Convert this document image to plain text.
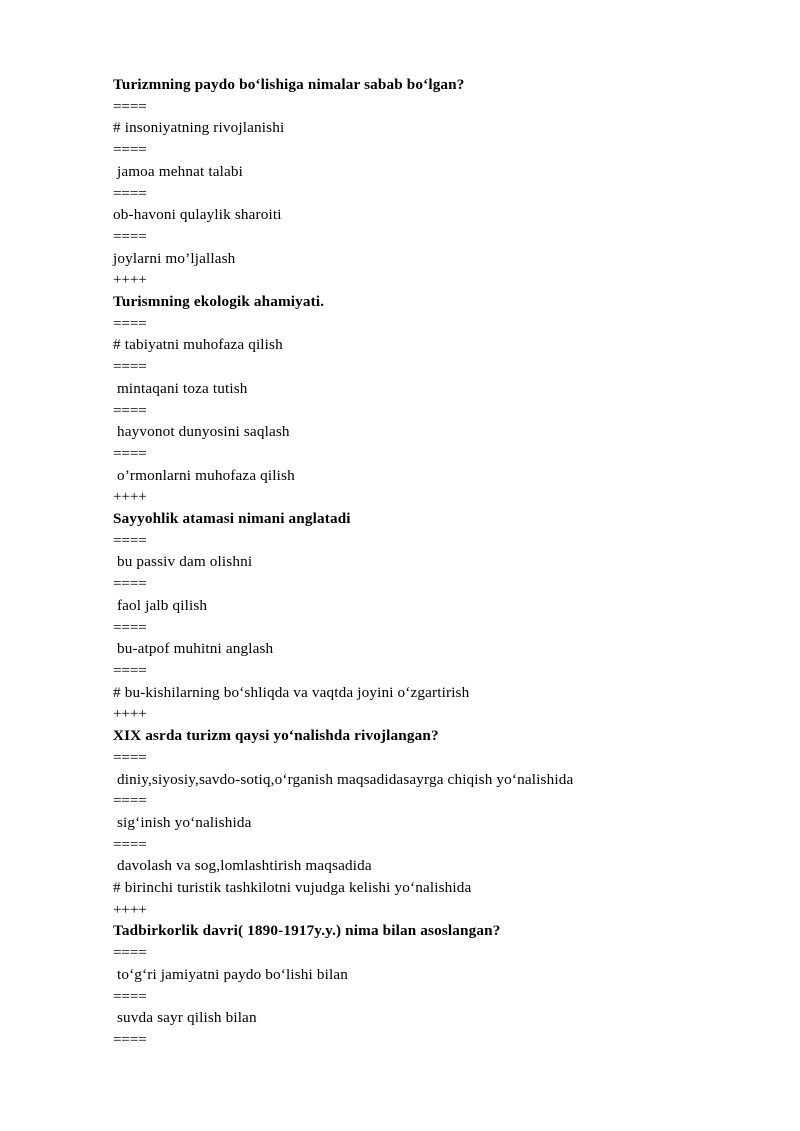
Turizmning paydo boʻlishiga nimalar sabab boʻlgan?
====
# insoniyatning rivojlanishi
====
jamoa mehnat talabi
====
ob-havoni qulaylik sharoiti
====
joylarni mo’ljallash
++++
Turismning ekologik ahamiyati.
====
# tabiyatni muhofaza qilish
====
mintaqani toza tutish
====
hayvonot dunyosini saqlash
====
o’rmonlarni muhofaza qilish
++++
Sayyohlik atamasi nimani anglatadi
====
bu passiv dam olishni
====
faol jalb qilish
====
bu-atpof muhitni anglash
====
# bu-kishilarning boʻshliqda va vaqtda joyini oʻzgartirish
++++
XIX asrda turizm qaysi yoʻnalishda rivojlangan?
====
diniy,siyosiy,savdo-sotiq,oʻrganish maqsadidasayrga chiqish yoʻnalishida
====
sigʻinish yoʻnalishida
====
davolash va sog,lomlashtirish maqsadida
# birinchi turistik tashkilotni vujudga kelishi yoʻnalishida
++++
Tadbirkorlik davri( 1890-1917y.y.) nima bilan asoslangan?
====
toʻgʻri jamiyatni paydo boʻlishi bilan
====
suvda sayr qilish bilan
====
